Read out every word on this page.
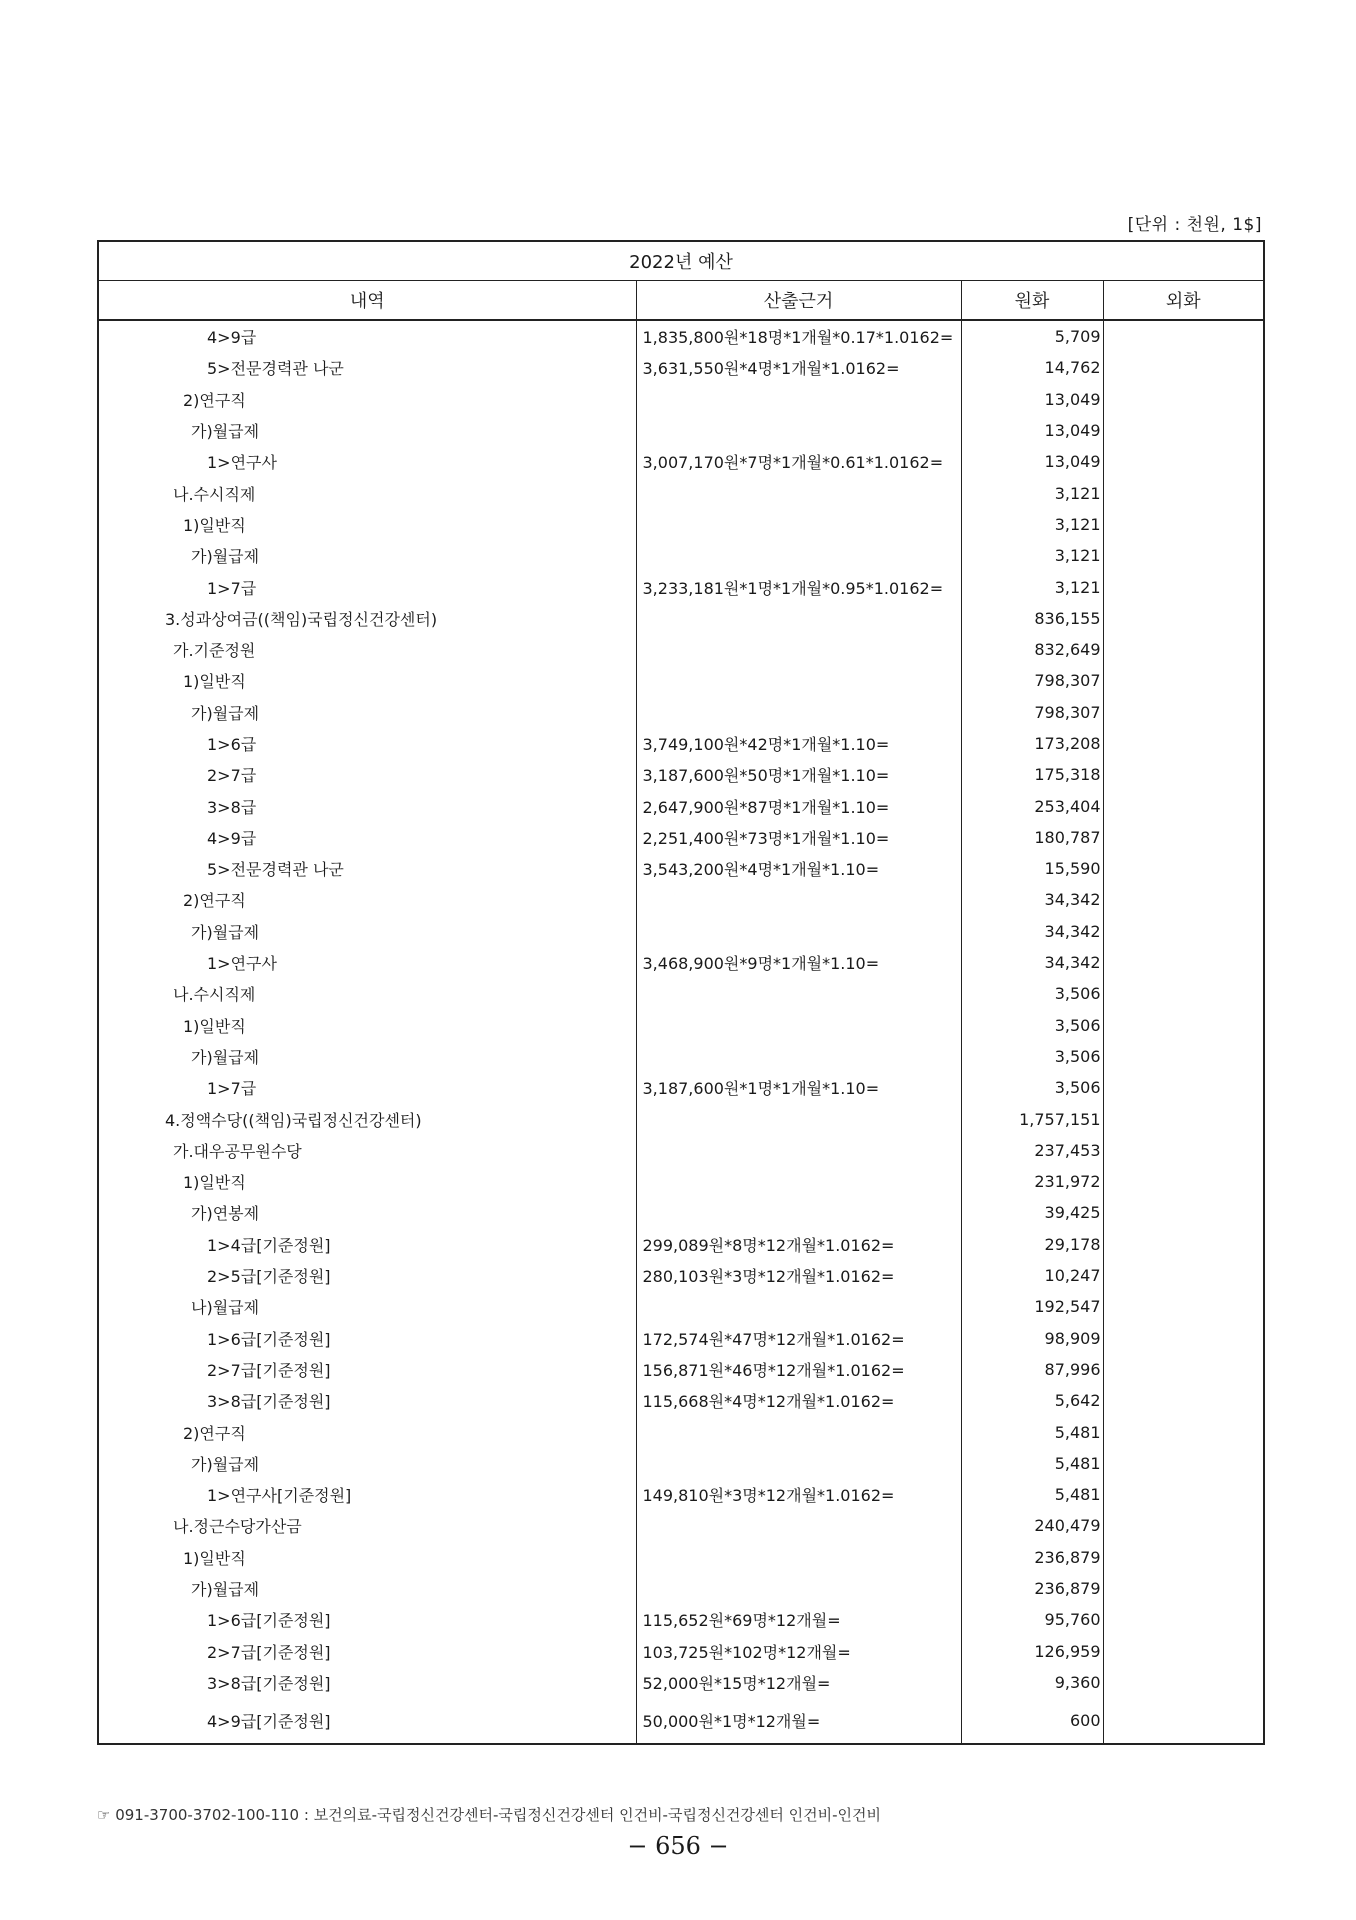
[단위 : 천원, 1$]
2022년 예산			
내역	산출근거	원화	외화
4>9급	1,835,800원*18명*1개월*0.17*1.0162=	5,709	
5>전문경력관 나군	3,631,550원*4명*1개월*1.0162=	14,762	
2)연구직		13,049	
가)월급제		13,049	
1>연구사	3,007,170원*7명*1개월*0.61*1.0162=	13,049	
나.수시직제		3,121	
1)일반직		3,121	
가)월급제		3,121	
1>7급	3,233,181원*1명*1개월*0.95*1.0162=	3,121	
3.성과상여금((책임)국립정신건강센터)		836,155	
가.기준정원		832,649	
1)일반직		798,307	
가)월급제		798,307	
1>6급	3,749,100원*42명*1개월*1.10=	173,208	
2>7급	3,187,600원*50명*1개월*1.10=	175,318	
3>8급	2,647,900원*87명*1개월*1.10=	253,404	
4>9급	2,251,400원*73명*1개월*1.10=	180,787	
5>전문경력관 나군	3,543,200원*4명*1개월*1.10=	15,590	
2)연구직		34,342	
가)월급제		34,342	
1>연구사	3,468,900원*9명*1개월*1.10=	34,342	
나.수시직제		3,506	
1)일반직		3,506	
가)월급제		3,506	
1>7급	3,187,600원*1명*1개월*1.10=	3,506	
4.정액수당((책임)국립정신건강센터)		1,757,151	
가.대우공무원수당		237,453	
1)일반직		231,972	
가)연봉제		39,425	
1>4급[기준정원]	299,089원*8명*12개월*1.0162=	29,178	
2>5급[기준정원]	280,103원*3명*12개월*1.0162=	10,247	
나)월급제		192,547	
1>6급[기준정원]	172,574원*47명*12개월*1.0162=	98,909	
2>7급[기준정원]	156,871원*46명*12개월*1.0162=	87,996	
3>8급[기준정원]	115,668원*4명*12개월*1.0162=	5,642	
2)연구직		5,481	
가)월급제		5,481	
1>연구사[기준정원]	149,810원*3명*12개월*1.0162=	5,481	
나.정근수당가산금		240,479	
1)일반직		236,879	
가)월급제		236,879	
1>6급[기준정원]	115,652원*69명*12개월=	95,760	
2>7급[기준정원]	103,725원*102명*12개월=	126,959	
3>8급[기준정원]	52,000원*15명*12개월=	9,360	
4>9급[기준정원]	50,000원*1명*12개월=	600	
☞ 091-3700-3702-100-110 : 보건의료-국립정신건강센터-국립정신건강센터 인건비-국립정신건강센터 인건비-인건비
− 656 −
